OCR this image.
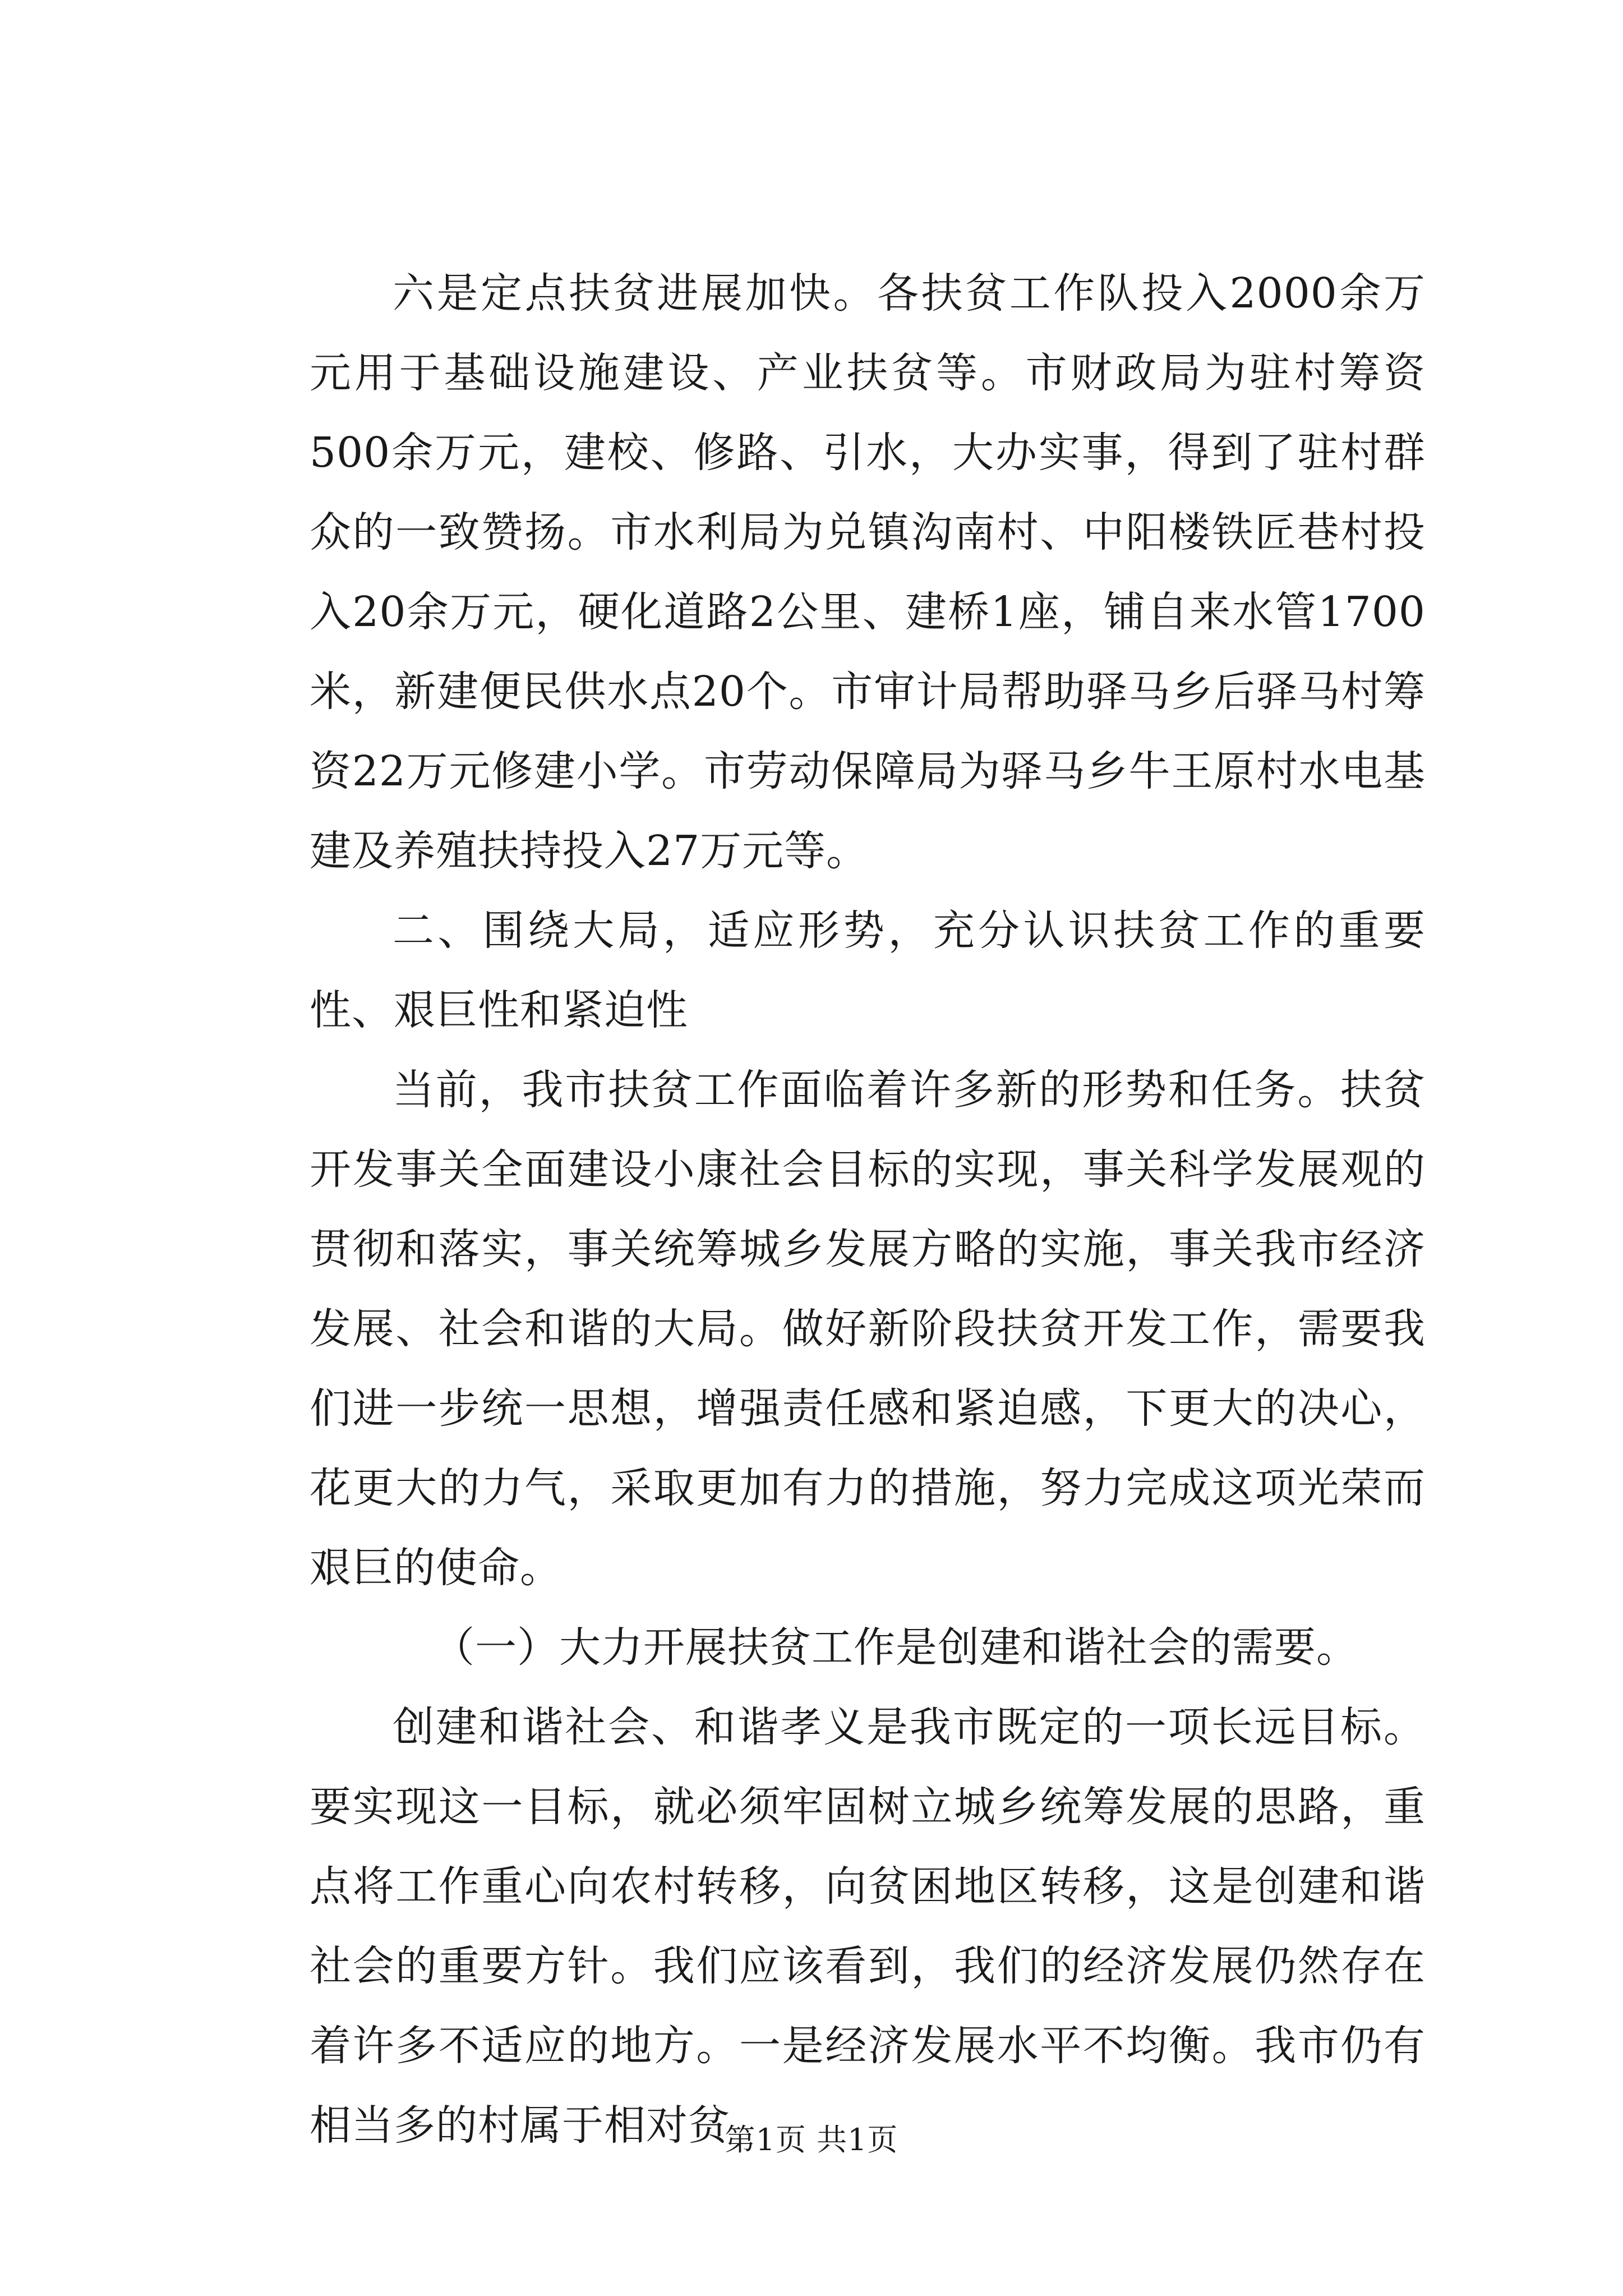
六是定点扶贫进展加快。各扶贫工作队投入2000余万元用于基础设施建设、产业扶贫等。市财政局为驻村筹资500余万元，建校、修路、引水，大办实事，得到了驻村群众的一致赞扬。市水利局为兑镇沟南村、中阳楼铁匠巷村投入20余万元，硬化道路2公里、建桥1座，铺自来水管1700米，新建便民供水点20个。市审计局帮助驿马乡后驿马村筹资22万元修建小学。市劳动保障局为驿马乡牛王原村水电基建及养殖扶持投入27万元等。

二、围绕大局，适应形势，充分认识扶贫工作的重要性、艰巨性和紧迫性

当前，我市扶贫工作面临着许多新的形势和任务。扶贫开发事关全面建设小康社会目标的实现，事关科学发展观的贯彻和落实，事关统筹城乡发展方略的实施，事关我市经济发展、社会和谐的大局。做好新阶段扶贫开发工作，需要我们进一步统一思想，增强责任感和紧迫感，下更大的决心，花更大的力气，采取更加有力的措施，努力完成这项光荣而艰巨的使命。

（一）大力开展扶贫工作是创建和谐社会的需要。

创建和谐社会、和谐孝义是我市既定的一项长远目标。要实现这一目标，就必须牢固树立城乡统筹发展的思路，重点将工作重心向农村转移，向贫困地区转移，这是创建和谐社会的重要方针。我们应该看到，我们的经济发展仍然存在着许多不适应的地方。一是经济发展水平不均衡。我市仍有相当多的村属于相对贫

第1页 共1页
